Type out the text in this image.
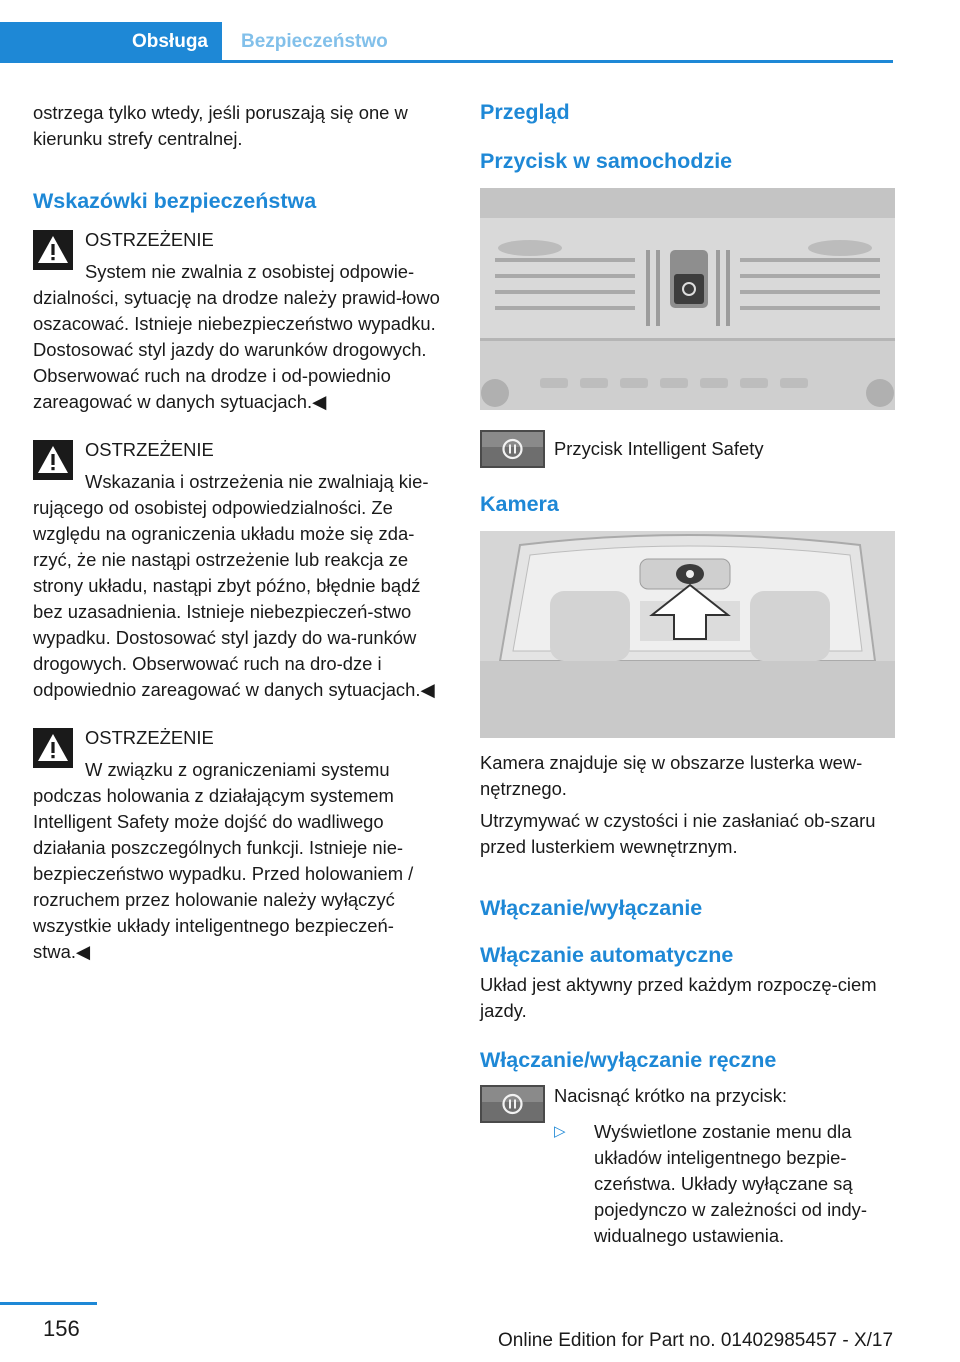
Obsługa	Bezpieczeństwo

ostrzega tylko wtedy, jeśli poruszają się one w kierunku strefy centralnej.

Wskazówki bezpieczeństwa

OSTRZEŻENIE

System nie zwalnia z osobistej odpowie‐

dzialności, sytuację na drodze należy prawid‐łowo oszacować. Istnieje niebezpieczeństwo wypadku. Dostosować styl jazdy do warunków drogowych. Obserwować ruch na drodze i od‐powiednio zareagować w danych sytuacjach.◀

OSTRZEŻENIE

Wskazania i ostrzeżenia nie zwalniają kie‐

rującego od osobistej odpowiedzialności. Ze względu na ograniczenia układu może się zda‐rzyć, że nie nastąpi ostrzeżenie lub reakcja ze strony układu, nastąpi zbyt późno, błędnie bądź bez uzasadnienia. Istnieje niebezpieczeń‐stwo wypadku. Dostosować styl jazdy do wa‐runków drogowych. Obserwować ruch na dro‐dze i odpowiednio zareagować w danych sytuacjach.◀

OSTRZEŻENIE

W związku z ograniczeniami systemu

podczas holowania z działającym systemem Intelligent Safety może dojść do wadliwego działania poszczególnych funkcji. Istnieje nie‐bezpieczeństwo wypadku. Przed holowaniem / rozruchem przez holowanie należy wyłączyć wszystkie układy inteligentnego bezpieczeń‐stwa.◀

Przegląd
Przycisk w samochodzie

Przycisk Intelligent Safety

Kamera

Kamera znajduje się w obszarze lusterka wew‐nętrznego.

Utrzymywać w czystości i nie zasłaniać ob‐szaru przed lusterkiem wewnętrznym.

Włączanie/wyłączanie
Włączanie automatyczne

Układ jest aktywny przed każdym rozpoczę‐ciem jazdy.

Włączanie/wyłączanie ręczne

Nacisnąć krótko na przycisk:

▷ Wyświetlone zostanie menu dla układów inteligentnego bezpie‐czeństwa. Układy wyłączane są pojedynczo w zależności od indy‐widualnego ustawienia.
156	Online Edition for Part no. 01402985457 - X/17
